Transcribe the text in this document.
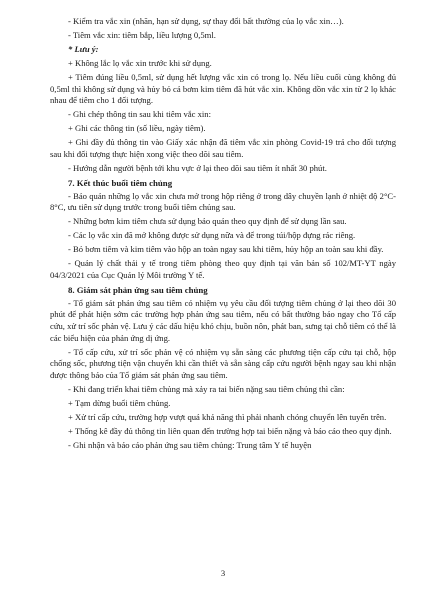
- Kiểm tra vắc xin (nhãn, hạn sử dụng, sự thay đổi bất thường của lọ vắc xin…).

- Tiêm vắc xin: tiêm bắp, liều lượng 0,5ml.

* Lưu ý:

+ Không lắc lọ vắc xin trước khi sử dụng.

+ Tiêm đúng liều 0,5ml, sử dụng hết lượng vắc xin có trong lọ. Nếu liều cuối cùng không đủ 0,5ml thì không sử dụng và hủy bỏ cả bơm kim tiêm đã hút vắc xin. Không dồn vắc xin từ 2 lọ khác nhau để tiêm cho 1 đối tượng.

- Ghi chép thông tin sau khi tiêm vắc xin:

+ Ghi các thông tin (số liều, ngày tiêm).

+ Ghi đầy đủ thông tin vào Giấy xác nhận đã tiêm vắc xin phòng Covid-19 trả cho đối tượng sau khi đối tượng thực hiện xong việc theo dõi sau tiêm.

- Hướng dẫn người bệnh tới khu vực ở lại theo dõi sau tiêm ít nhất 30 phút.

7. Kết thúc buổi tiêm chủng

- Bảo quản những lọ vắc xin chưa mở trong hộp riêng ở trong dây chuyền lạnh ở nhiệt độ 2°C-8°C, ưu tiên sử dụng trước trong buổi tiêm chủng sau.

- Những bơm kim tiêm chưa sử dụng bảo quản theo quy định để sử dụng lần sau.

- Các lọ vắc xin đã mở không được sử dụng nữa và để trong túi/hộp đựng rác riêng.

- Bỏ bơm tiêm và kim tiêm vào hộp an toàn ngay sau khi tiêm, hủy hộp an toàn sau khi đầy.

- Quản lý chất thải y tế trong tiêm phòng theo quy định tại văn bản số 102/MT-YT ngày 04/3/2021 của Cục Quản lý Môi trường Y tế.

8. Giám sát phản ứng sau tiêm chủng

- Tổ giám sát phản ứng sau tiêm có nhiệm vụ yêu cầu đối tượng tiêm chủng ở lại theo dõi 30 phút để phát hiện sớm các trường hợp phản ứng sau tiêm, nếu có bất thường báo ngay cho Tổ cấp cứu, xử trí sốc phản vệ. Lưu ý các dấu hiệu khó chịu, buồn nôn, phát ban, sưng tại chỗ tiêm có thể là các biểu hiện của phản ứng dị ứng.

- Tổ cấp cứu, xử trí sốc phản vệ có nhiệm vụ sẵn sàng các phương tiện cấp cứu tại chỗ, hộp chống sốc, phương tiện vận chuyển khi cần thiết và sẵn sàng cấp cứu người bệnh ngay sau khi nhận được thông báo của Tổ giám sát phản ứng sau tiêm.

- Khi đang triển khai tiêm chủng mà xảy ra tai biến nặng sau tiêm chủng thì cần:

+ Tạm dừng buổi tiêm chủng.

+ Xử trí cấp cứu, trường hợp vượt quá khả năng thì phải nhanh chóng chuyển lên tuyến trên.

+ Thống kê đầy đủ thông tin liên quan đến trường hợp tai biến nặng và báo cáo theo quy định.

- Ghi nhận và báo cáo phản ứng sau tiêm chủng: Trung tâm Y tế huyện

3
